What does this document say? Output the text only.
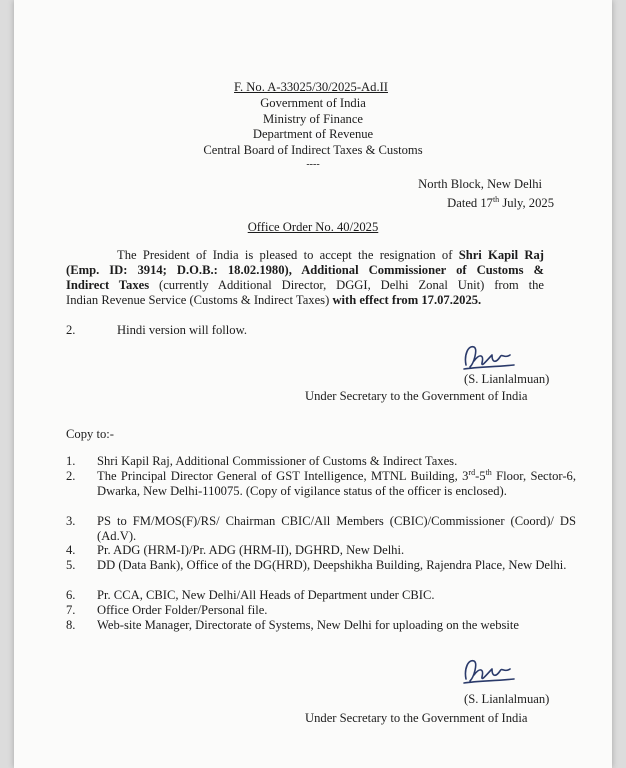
F. No. A-33025/30/2025-Ad.II
Government of India
Ministry of Finance
Department of Revenue
Central Board of Indirect Taxes & Customs
----
North Block, New Delhi
Dated 17th July, 2025
Office Order No. 40/2025
The President of India is pleased to accept the resignation of Shri Kapil Raj
(Emp. ID: 3914; D.O.B.: 18.02.1980), Additional Commissioner of Customs &
Indirect Taxes (currently Additional Director, DGGI, Delhi Zonal Unit) from the
Indian Revenue Service (Customs & Indirect Taxes) with effect from 17.07.2025.
2.	Hindi version will follow.
(S. Lianlalmuan)
Under Secretary to the Government of India
Copy to:-
1. Shri Kapil Raj, Additional Commissioner of Customs & Indirect Taxes.
2. The Principal Director General of GST Intelligence, MTNL Building, 3rd-5th Floor, Sector-6, Dwarka, New Delhi-110075. (Copy of vigilance status of the officer is enclosed).
3. PS to FM/MOS(F)/RS/ Chairman CBIC/All Members (CBIC)/Commissioner (Coord)/ DS (Ad.V).
4. Pr. ADG (HRM-I)/Pr. ADG (HRM-II), DGHRD, New Delhi.
5. DD (Data Bank), Office of the DG(HRD), Deepshikha Building, Rajendra Place, New Delhi.
6. Pr. CCA, CBIC, New Delhi/All Heads of Department under CBIC.
7. Office Order Folder/Personal file.
8. Web-site Manager, Directorate of Systems, New Delhi for uploading on the website
(S. Lianlalmuan)
Under Secretary to the Government of India
